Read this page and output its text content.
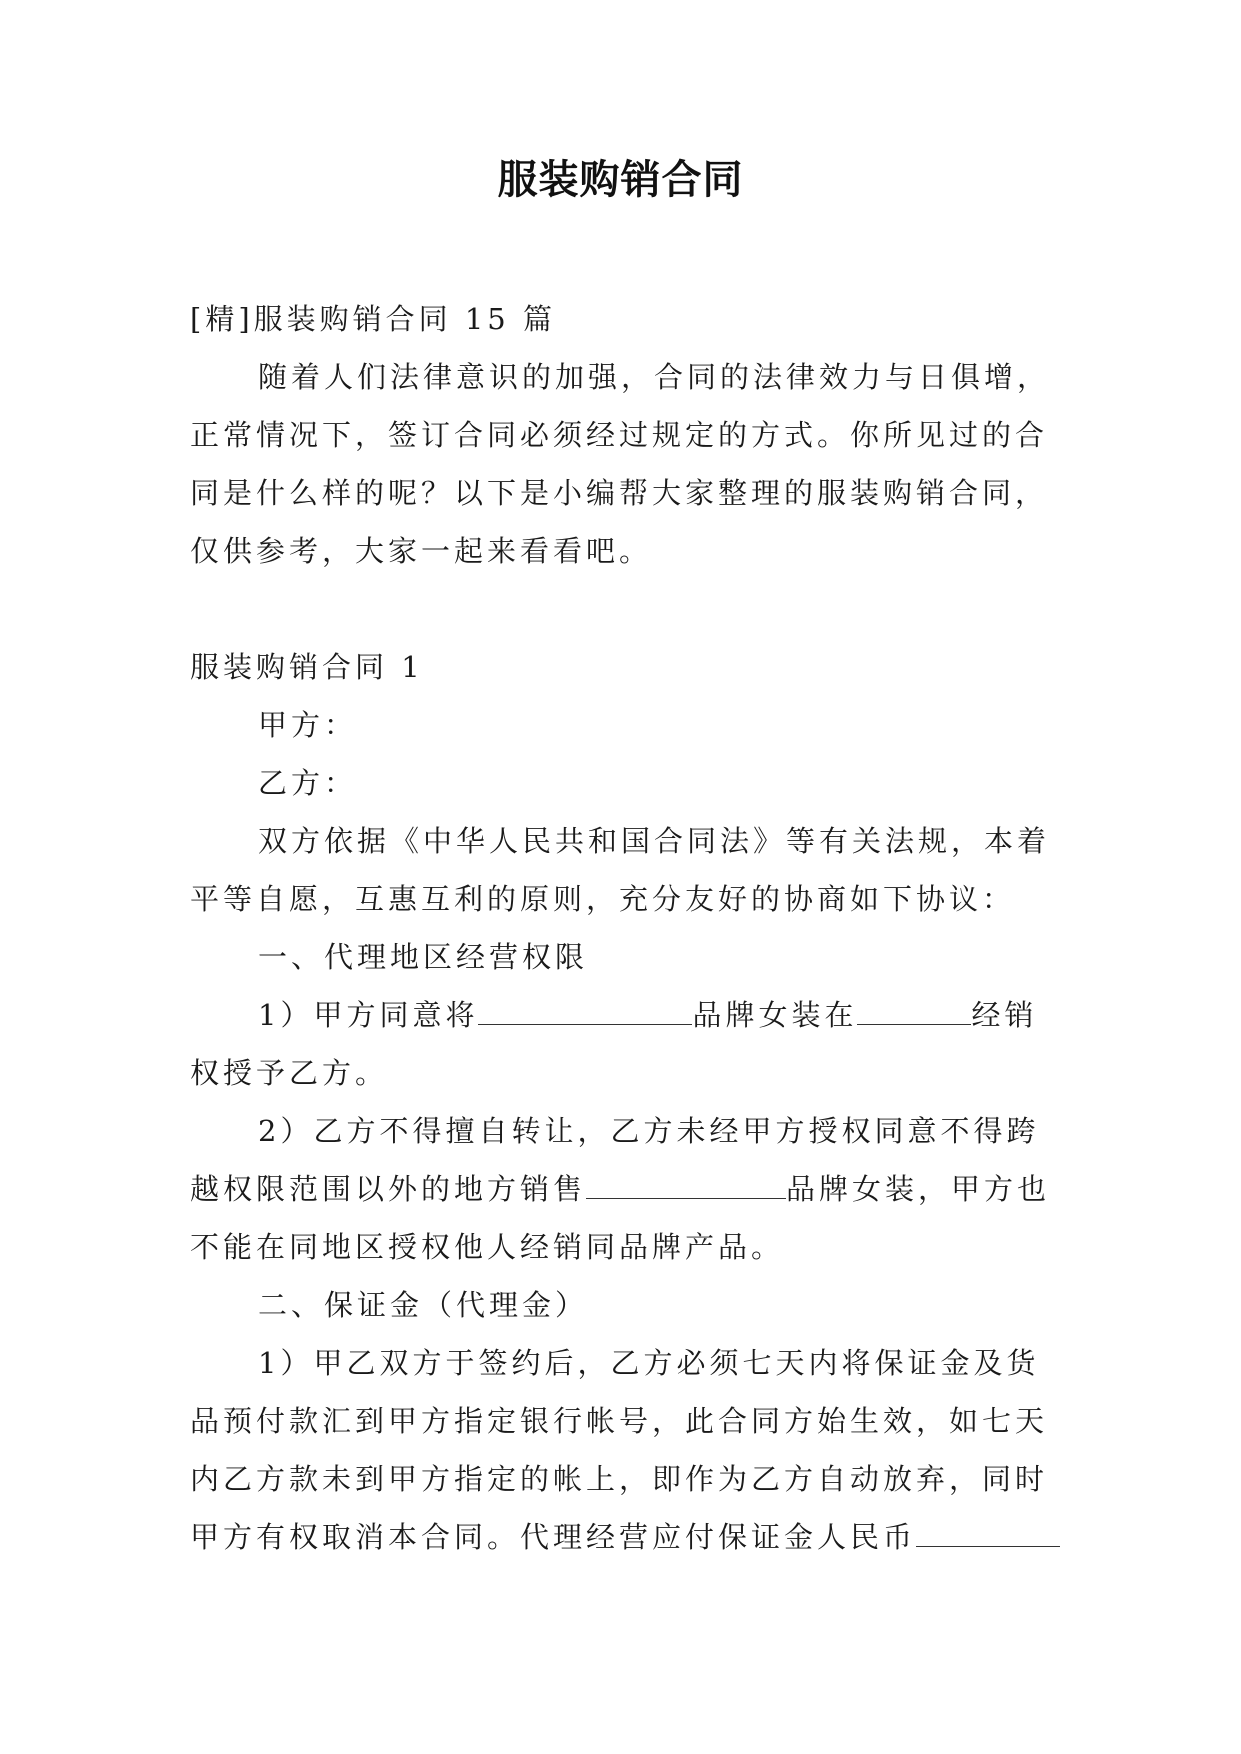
服装购销合同
[精]服装购销合同 15 篇
随着人们法律意识的加强，合同的法律效力与日俱增，
正常情况下，签订合同必须经过规定的方式。你所见过的合
同是什么样的呢？以下是小编帮大家整理的服装购销合同，
仅供参考，大家一起来看看吧。
服装购销合同 1
甲方：
乙方：
双方依据《中华人民共和国合同法》等有关法规，本着
平等自愿，互惠互利的原则，充分友好的协商如下协议：
一、代理地区经营权限
1）甲方同意将	品牌女装在	经销
权授予乙方。
2）乙方不得擅自转让，乙方未经甲方授权同意不得跨
越权限范围以外的地方销售	品牌女装，甲方也
不能在同地区授权他人经销同品牌产品。
二、保证金（代理金）
1）甲乙双方于签约后，乙方必须七天内将保证金及货
品预付款汇到甲方指定银行帐号，此合同方始生效，如七天
内乙方款未到甲方指定的帐上，即作为乙方自动放弃，同时
甲方有权取消本合同。代理经营应付保证金人民币
